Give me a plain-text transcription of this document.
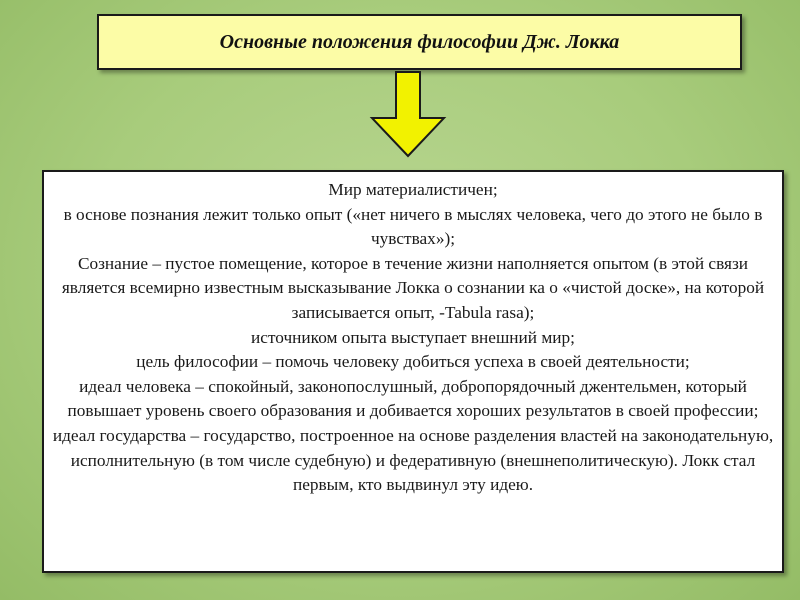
Основные положения философии Дж. Локка

Мир материалистичен;
в основе познания лежит только опыт («нет ничего в мыслях человека, чего до этого не было в чувствах»);
Сознание – пустое помещение, которое в течение жизни наполняется опытом (в этой связи является всемирно известным высказывание Локка о сознании ка о «чистой доске», на которой записывается опыт, -Tabula rasa);
источником опыта выступает внешний мир;
цель философии – помочь человеку добиться успеха в своей деятельности;
идеал человека – спокойный, законопослушный, добропорядочный джентельмен, который повышает уровень своего образования и добивается хороших результатов в своей профессии;
идеал государства – государство, построенное на основе разделения властей на законодательную, исполнительную (в том числе судебную) и федеративную (внешнеполитическую). Локк стал первым, кто выдвинул эту идею.
